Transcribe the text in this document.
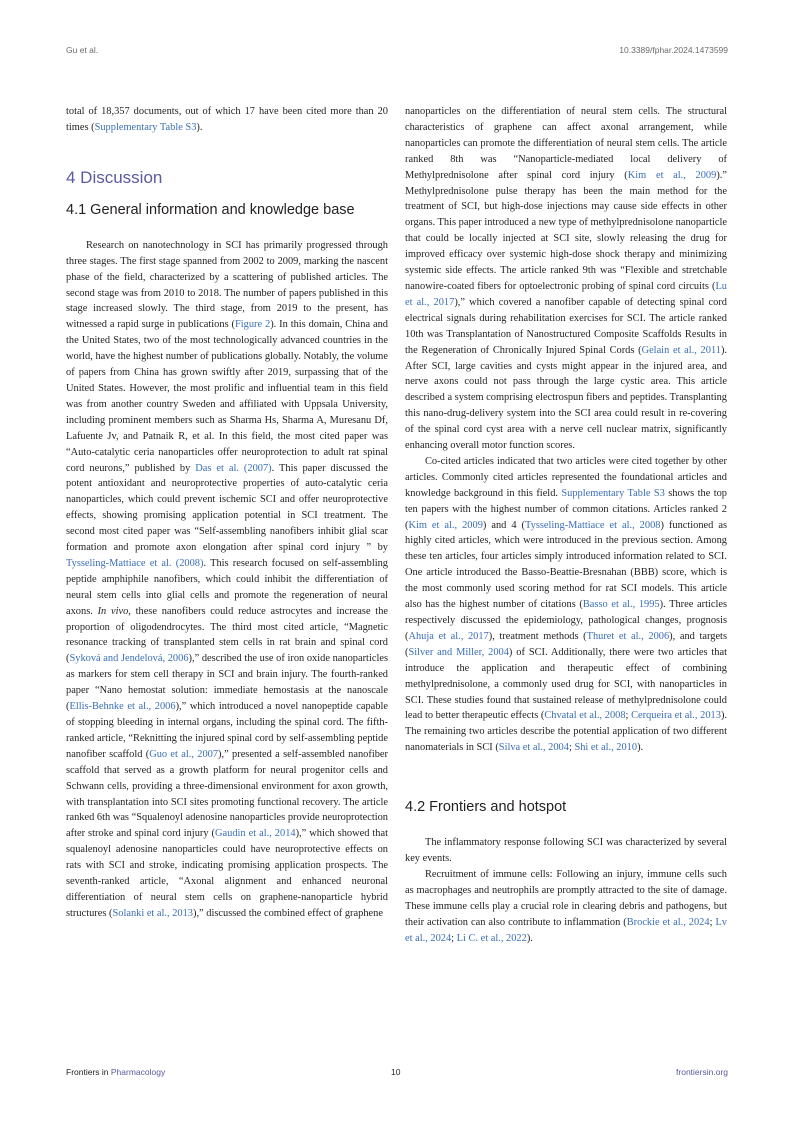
Gu et al.	10.3389/fphar.2024.1473599

total of 18,357 documents, out of which 17 have been cited more than 20 times (Supplementary Table S3).

4 Discussion
4.1 General information and knowledge base

Research on nanotechnology in SCI has primarily progressed through three stages. The first stage spanned from 2002 to 2009, marking the nascent phase of the field, characterized by a scattering of published articles. The second stage was from 2010 to 2018. The number of papers published in this stage increased slowly. The third stage, from 2019 to the present, has witnessed a rapid surge in publications (Figure 2). In this domain, China and the United States, two of the most technologically advanced countries in the world, have the highest number of publications globally. Notably, the volume of papers from China has grown swiftly after 2019, surpassing that of the United States. However, the most prolific and influential team in this field was from another country Sweden and affiliated with Uppsala University, including prominent members such as Sharma Hs, Sharma A, Muresanu Df, Lafuente Jv, and Patnaik R, et al. In this field, the most cited paper was “Auto-catalytic ceria nanoparticles offer neuroprotection to adult rat spinal cord neurons,” published by Das et al. (2007). This paper discussed the potent antioxidant and neuroprotective properties of auto-catalytic ceria nanoparticles, which could prevent ischemic SCI and offer neuroprotective effects, showing promising application potential in SCI treatment. The second most cited paper was “Self-assembling nanofibers inhibit glial scar formation and promote axon elongation after spinal cord injury ” by Tysseling-Mattiace et al. (2008). This research focused on self-assembling peptide amphiphile nanofibers, which could inhibit the differentiation of neural stem cells into glial cells and promote the regeneration of neural axons. In vivo, these nanofibers could reduce astrocytes and increase the proportion of oligodendrocytes. The third most cited article, “Magnetic resonance tracking of transplanted stem cells in rat brain and spinal cord (Syková and Jendelová, 2006),” described the use of iron oxide nanoparticles as markers for stem cell therapy in SCI and brain injury. The fourth-ranked paper “Nano hemostat solution: immediate hemostasis at the nanoscale (Ellis-Behnke et al., 2006),” which introduced a novel nanopeptide capable of stopping bleeding in internal organs, including the spinal cord. The fifth-ranked article, “Reknitting the injured spinal cord by self-assembling peptide nanofiber scaffold (Guo et al., 2007),” presented a self-assembled nanofiber scaffold that served as a growth platform for neural progenitor cells and Schwann cells, providing a three-dimensional environment for axon growth, with transplantation into SCI sites promoting functional recovery. The article ranked 6th was “Squalenoyl adenosine nanoparticles provide neuroprotection after stroke and spinal cord injury (Gaudin et al., 2014),” which showed that squalenoyl adenosine nanoparticles could have neuroprotective effects on rats with SCI and stroke, indicating promising application prospects. The seventh-ranked article, “Axonal alignment and enhanced neuronal differentiation of neural stem cells on graphene-nanoparticle hybrid structures (Solanki et al., 2013),” discussed the combined effect of graphene

nanoparticles on the differentiation of neural stem cells. The structural characteristics of graphene can affect axonal arrangement, while nanoparticles can promote the differentiation of neural stem cells. The article ranked 8th was “Nanoparticle-mediated local delivery of Methylprednisolone after spinal cord injury (Kim et al., 2009).” Methylprednisolone pulse therapy has been the main method for the treatment of SCI, but high-dose injections may cause side effects in other organs. This paper introduced a new type of methylprednisolone nanoparticle that could be locally injected at SCI site, slowly releasing the drug for improved efficacy over systemic high-dose shock therapy and minimizing systemic side effects. The article ranked 9th was “Flexible and stretchable nanowire-coated fibers for optoelectronic probing of spinal cord circuits (Lu et al., 2017),” which covered a nanofiber capable of detecting spinal cord electrical signals during rehabilitation exercises for SCI. The article ranked 10th was Transplantation of Nanostructured Composite Scaffolds Results in the Regeneration of Chronically Injured Spinal Cords (Gelain et al., 2011). After SCI, large cavities and cysts might appear in the injured area, and nerve axons could not pass through the large cystic area. This article described a system comprising electrospun fibers and peptides. Transplanting this nano-drug-delivery system into the SCI area could result in re-covering of the spinal cord cyst area with a nerve cell nuclear matrix, significantly enhancing overall motor function scores.

Co-cited articles indicated that two articles were cited together by other articles. Commonly cited articles represented the foundational articles and knowledge background in this field. Supplementary Table S3 shows the top ten papers with the highest number of common citations. Articles ranked 2 (Kim et al., 2009) and 4 (Tysseling-Mattiace et al., 2008) functioned as highly cited articles, which were introduced in the previous section. Among these ten articles, four articles simply introduced information related to SCI. One article introduced the Basso-Beattie-Bresnahan (BBB) score, which is the most commonly used scoring method for rat SCI models. This article also has the highest number of citations (Basso et al., 1995). Three articles respectively discussed the epidemiology, pathological changes, prognosis (Ahuja et al., 2017), treatment methods (Thuret et al., 2006), and targets (Silver and Miller, 2004) of SCI. Additionally, there were two articles that introduce the application and therapeutic effect of combining methylprednisolone, a commonly used drug for SCI, with nanoparticles in SCI. These studies found that sustained release of methylprednisolone could lead to better therapeutic effects (Chvatal et al., 2008; Cerqueira et al., 2013). The remaining two articles describe the potential application of two different nanomaterials in SCI (Silva et al., 2004; Shi et al., 2010).

4.2 Frontiers and hotspot

The inflammatory response following SCI was characterized by several key events.

Recruitment of immune cells: Following an injury, immune cells such as macrophages and neutrophils are promptly attracted to the site of damage. These immune cells play a crucial role in clearing debris and pathogens, but their activation can also contribute to inflammation (Brockie et al., 2024; Lv et al., 2024; Li C. et al., 2022).

Frontiers in Pharmacology	10	frontiersin.org
